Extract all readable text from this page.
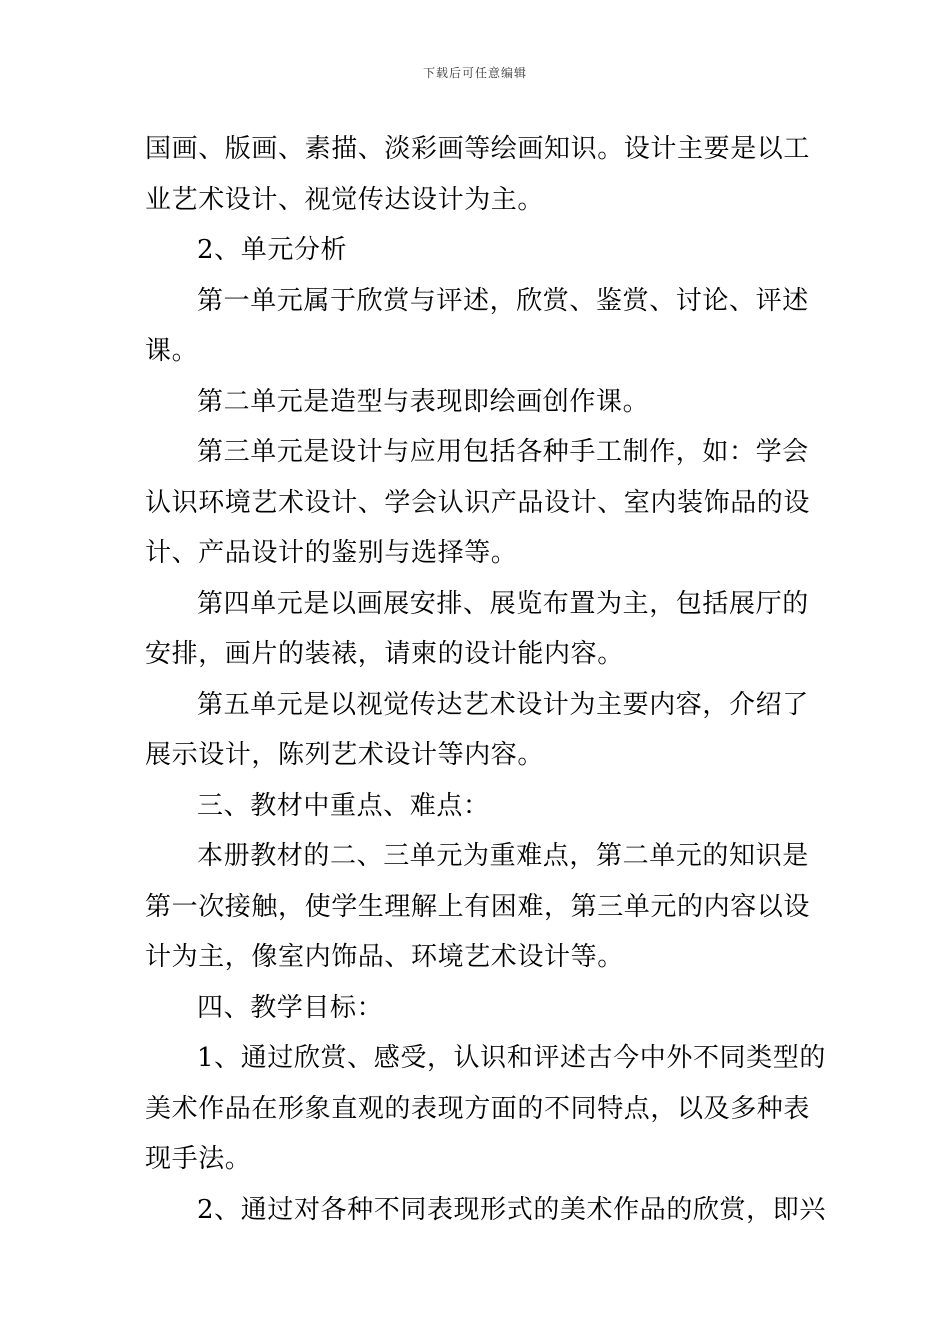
下载后可任意编辑
国画、版画、素描、淡彩画等绘画知识。设计主要是以工
业艺术设计、视觉传达设计为主。
2、单元分析
第一单元属于欣赏与评述，欣赏、鉴赏、讨论、评述
课。
第二单元是造型与表现即绘画创作课。
第三单元是设计与应用包括各种手工制作，如：学会
认识环境艺术设计、学会认识产品设计、室内装饰品的设
计、产品设计的鉴别与选择等。
第四单元是以画展安排、展览布置为主，包括展厅的
安排，画片的装裱，请柬的设计能内容。
第五单元是以视觉传达艺术设计为主要内容，介绍了
展示设计，陈列艺术设计等内容。
三、教材中重点、难点：
本册教材的二、三单元为重难点，第二单元的知识是
第一次接触，使学生理解上有困难，第三单元的内容以设
计为主，像室内饰品、环境艺术设计等。
四、教学目标：
1、通过欣赏、感受，认识和评述古今中外不同类型的
美术作品在形象直观的表现方面的不同特点，以及多种表
现手法。
2、通过对各种不同表现形式的美术作品的欣赏，即兴
